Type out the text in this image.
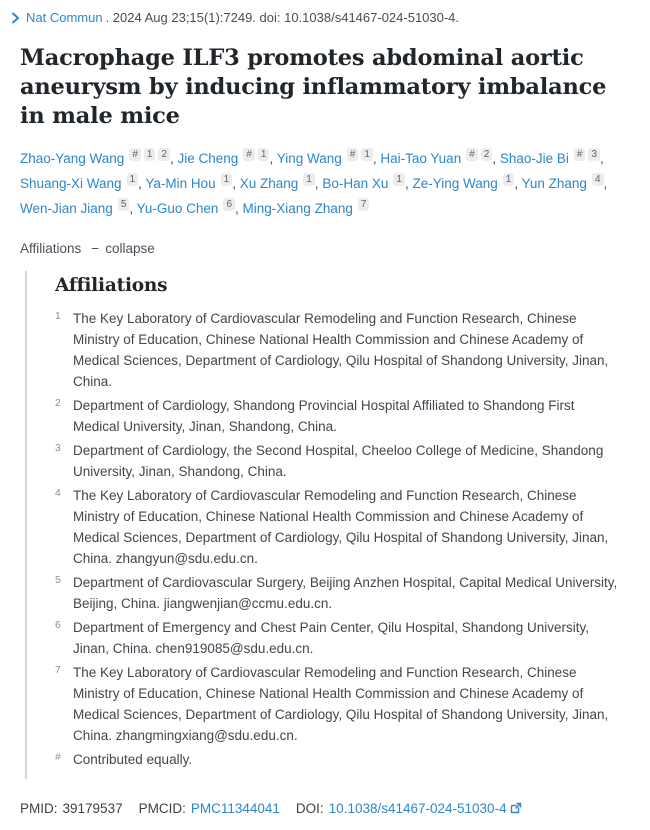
Nat Commun . 2024 Aug 23;15(1):7249. doi: 10.1038/s41467-024-51030-4.
Macrophage ILF3 promotes abdominal aortic aneurysm by inducing inflammatory imbalance in male mice
Zhao-Yang Wang # 1 2 , Jie Cheng # 1 , Ying Wang # 1 , Hai-Tao Yuan # 2 , Shao-Jie Bi # 3 , Shuang-Xi Wang 1 , Ya-Min Hou 1 , Xu Zhang 1 , Bo-Han Xu 1 , Ze-Ying Wang 1 , Yun Zhang 4 , Wen-Jian Jiang 5 , Yu-Guo Chen 6 , Ming-Xiang Zhang 7
Affiliations − collapse
Affiliations
1 The Key Laboratory of Cardiovascular Remodeling and Function Research, Chinese Ministry of Education, Chinese National Health Commission and Chinese Academy of Medical Sciences, Department of Cardiology, Qilu Hospital of Shandong University, Jinan, China.
2 Department of Cardiology, Shandong Provincial Hospital Affiliated to Shandong First Medical University, Jinan, Shandong, China.
3 Department of Cardiology, the Second Hospital, Cheeloo College of Medicine, Shandong University, Jinan, Shandong, China.
4 The Key Laboratory of Cardiovascular Remodeling and Function Research, Chinese Ministry of Education, Chinese National Health Commission and Chinese Academy of Medical Sciences, Department of Cardiology, Qilu Hospital of Shandong University, Jinan, China. zhangyun@sdu.edu.cn.
5 Department of Cardiovascular Surgery, Beijing Anzhen Hospital, Capital Medical University, Beijing, China. jiangwenjian@ccmu.edu.cn.
6 Department of Emergency and Chest Pain Center, Qilu Hospital, Shandong University, Jinan, China. chen919085@sdu.edu.cn.
7 The Key Laboratory of Cardiovascular Remodeling and Function Research, Chinese Ministry of Education, Chinese National Health Commission and Chinese Academy of Medical Sciences, Department of Cardiology, Qilu Hospital of Shandong University, Jinan, China. zhangmingxiang@sdu.edu.cn.
# Contributed equally.
PMID: 39179537 PMCID: PMC11344041 DOI: 10.1038/s41467-024-51030-4
